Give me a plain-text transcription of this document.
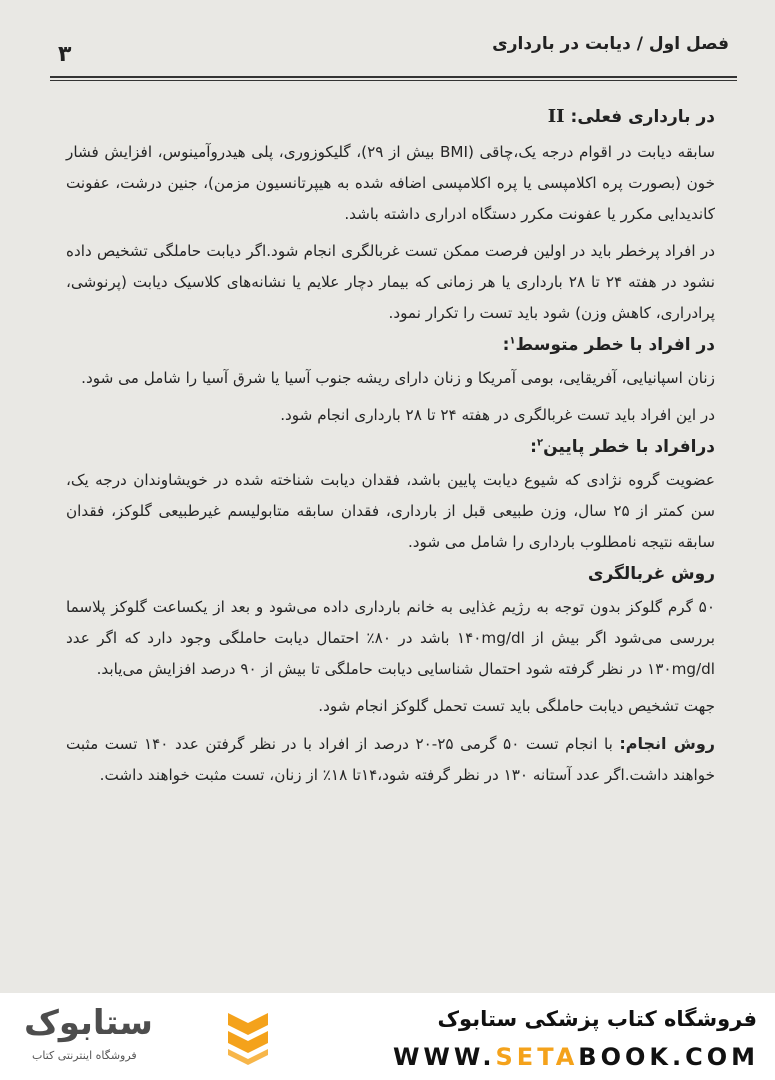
فصل اول / دیابت در بارداری
۳
در بارداری فعلی: II

سابقه دیابت در اقوام درجه یک،چاقی (BMI بیش از ۲۹)، گلیکوزوری، پلی هیدروآمینوس، افزایش فشار خون (بصورت پره اکلامپسی یا پره اکلامپسی اضافه شده به هیپرتانسیون مزمن)، جنین درشت، عفونت کاندیدایی مکرر یا عفونت مکرر دستگاه ادراری داشته باشد.

در افراد پرخطر باید در اولین فرصت ممکن تست غربالگری انجام شود.اگر دیابت حاملگی تشخیص داده نشود در هفته ۲۴ تا ۲۸ بارداری یا هر زمانی که بیمار دچار علایم یا نشانه‌های کلاسیک دیابت (پرنوشی، پرادراری، کاهش وزن) شود باید تست را تکرار نمود.

در افراد با خطر متوسط$^۱$:

زنان اسپانیایی، آفریقایی، بومی آمریکا و زنان دارای ریشه جنوب آسیا یا شرق آسیا را شامل می شود.

در این افراد باید تست غربالگری در هفته ۲۴ تا ۲۸ بارداری انجام شود.

درافراد با خطر پایین$^۲$:

عضویت گروه نژادی که شیوع دیابت پایین باشد، فقدان دیابت شناخته شده در خویشاوندان درجه یک، سن کمتر از ۲۵ سال، وزن طبیعی قبل از بارداری، فقدان سابقه متابولیسم غیرطبیعی گلوکز، فقدان سابقه نتیجه نامطلوب بارداری را شامل می شود.

روش غربالگری

۵۰ گرم گلوکز بدون توجه به رژیم غذایی به خانم بارداری داده می‌شود و بعد از یکساعت گلوکز پلاسما بررسی می‌شود اگر بیش از ۱۴۰mg/dl باشد در ۸۰٪ احتمال دیابت حاملگی وجود دارد که اگر عدد ۱۳۰mg/dl در نظر گرفته شود احتمال شناسایی دیابت حاملگی تا بیش از ۹۰ درصد افزایش می‌یابد.

جهت تشخیص دیابت حاملگی باید تست تحمل گلوکز انجام شود.

روش انجام: با انجام تست ۵۰ گرمی ۲۵-۲۰ درصد از افراد با در نظر گرفتن عدد ۱۴۰ تست مثبت خواهند داشت.اگر عدد آستانه ۱۳۰ در نظر گرفته شود،۱۴تا ۱۸٪ از زنان، تست مثبت خواهند داشت.

ستابوک
فروشگاه اینترنتی کتاب
فروشگاه کتاب پزشکی ستابوک
WWW.SETABOOK.COM
